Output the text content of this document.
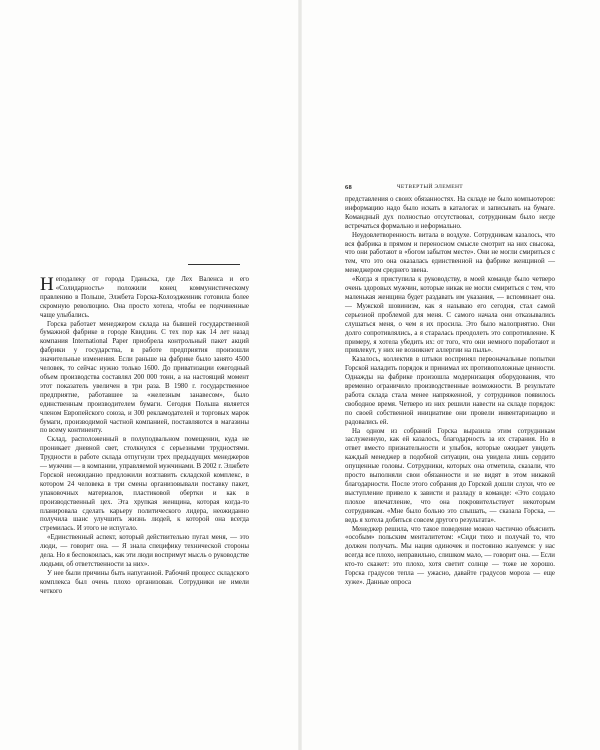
Неподалеку от города Гданьска, где Лех Валенса и его «Солидарность» положили конец коммунистическому правлению в Польше, Элжбета Горска-Колоэджеиник готовила более скромную революцию. Она просто хотела, чтобы ее подчиненные чаще улыбались.

Горска работает менеджером склада на бывшей государственной бумажной фабрике в городе Квидзин. С тех пор как 14 лет назад компания International Paper приобрела контрольный пакет акций фабрики у государства, в работе предприятия произошли значительные изменения. Если раньше на фабрике было занято 4500 человек, то сейчас нужно только 1600. До приватизации ежегодный объем производства составлял 200 000 тонн, а на настоящий момент этот показатель увеличен в три раза. В 1980 г. государственное предприятие, работавшее за «железным занавесом», было единственным производителем бумаги. Сегодня Польша является членом Европейского союза, и 300 рекламодателей и торговых марок бумаги, производимой частной компанией, поставляются в магазины по всему континенту.

Склад, расположенный в полуподвальном помещении, куда не проникает дневной свет, столкнулся с серьезными трудностями. Трудности в работе склада отпугнули трех предыдущих менеджеров — мужчин — в компании, управляемой мужчинами. В 2002 г. Элжбете Горской неожиданно предложили возглавить складской комплекс, в котором 24 человека в три смены организовывали поставку пакет, упаковочных материалов, пластиковой обертки и как в производственный цех. Эта хрупкая женщина, которая когда-то планировала сделать карьеру политического лидера, неожиданно получила шанс улучшить жизнь людей, к которой она всегда стремилась. И этого не испугало.

«Единственный аспект, который действительно пугал меня, — это люди, — говорит она. — Я знала специфику технической стороны дела. Но я беспокоилась, как эти люди воспримут мысль о руководстве людьми, об ответственности за них».

У нее были причины быть напуганной. Рабочий процесс складского комплекса был очень плохо организован. Сотрудники не имели четкого

68	ЧЕТВЕРТЫЙ ЭЛЕМЕНТ

представления о своих обязанностях. На складе не было компьютеров: информацию надо было искать в каталогах и записывать на бумаге. Командный дух полностью отсутствовал, сотрудникам было негде встречаться формально и неформально.

Неудовлетворенность витала в воздухе. Сотрудникам казалось, что вся фабрика в прямом и переносном смысле смотрит на них свысока, что они работают в «богом забытом месте». Они не могли смириться с тем, что это она оказалась единственной на фабрике женщиной — менеджером среднего звена.

«Когда я приступила к руководству, в моей команде было четверо очень здоровых мужчин, которые никак не могли смириться с тем, что маленькая женщина будет раздавать им указания, — вспоминает она. — Мужской шовинизм, как я называю его сегодня, стал самой серьезной проблемой для меня. С самого начала они отказывались слушаться меня, о чем я их просила. Это было малоприятно. Они долго сопротивлялись, а я старалась преодолеть это сопротивление. К примеру, я хотела убедить их: от того, что они немного поработают и привлекут, у них не возникнет аллергии на пыль».

Казалось, коллектив в штыки воспринял первоначальные попытки Горской наладить порядок и принимал их противоположные ценности. Однажды на фабрике произошла модернизация оборудования, что временно ограничило производственные возможности. В результате работа склада стала менее напряженной, у сотрудников появилось свободное время. Четверо из них решили навести на складе порядок: по своей собственной инициативе они провели инвентаризацию и радовались ей.

На одном из собраний Горска выразила этим сотрудникам заслуженную, как ей казалось, благодарность за их старания. Но в ответ вместо признательности и улыбок, которые ожидает увидеть каждый менеджер в подобной ситуации, она увидела лишь сердито опущенные головы. Сотрудники, которых она отметила, сказали, что просто выполняли свои обязанности и не видят в этом никакой благодарности. После этого собрания до Горской дошли слухи, что ее выступление привело к зависти и разладу в команде: «Это создало плохое впечатление, что она покровительствует некоторым сотрудникам. «Мне было больно это слышать, — сказала Горска, — ведь я хотела добиться совсем другого результата».

Менеджер решила, что такое поведение можно частично объяснить «особым» польским менталитетом: «Сиди тихо и получай то, что должен получать. Мы нация одиночек и постоянно жалуемся: у нас всегда все плохо, неправильно, слишком мало, — говорит она. — Если кто-то скажет: это плохо, хотя светит солнце — тоже не хорошо. Горска градусов тепла — ужасно, давайте градусов мороза — еще хуже». Данные опроса
